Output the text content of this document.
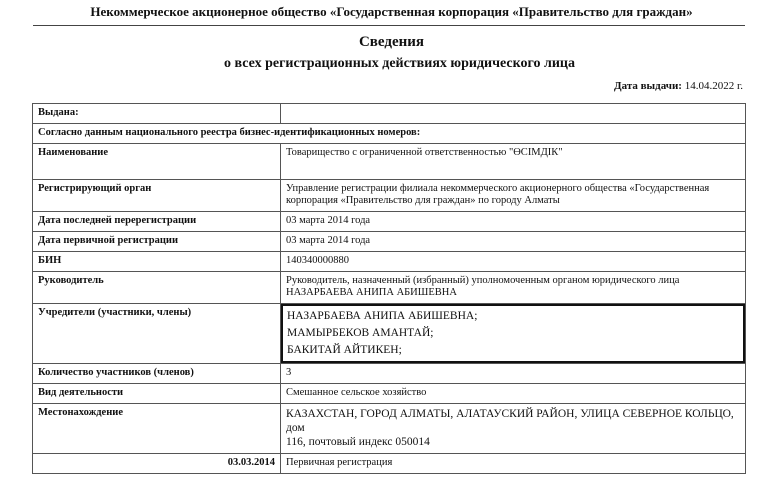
Некоммерческое акционерное общество «Государственная корпорация «Правительство для граждан»
Сведения
о всех регистрационных действиях юридического лица
Дата выдачи: 14.04.2022 г.
Выдана:	
Согласно данным национального реестра бизнес-идентификационных номеров:	
Наименование	Товарищество с ограниченной ответственностью "ӨСІМДІК"
Регистрирующий орган	Управление регистрации филиала некоммерческого акционерного общества «Государственная корпорация «Правительство для граждан» по городу Алматы
Дата последней перерегистрации	03 марта 2014 года
Дата первичной регистрации	03 марта 2014 года
БИН	140340000880
Руководитель	Руководитель, назначенный (избранный) уполномоченным органом юридического лица
НАЗАРБАЕВА АНИПА АБИШЕВНА

Учредители (участники, члены)	НАЗАРБАЕВА АНИПА АБИШЕВНА;
МАМЫРБЕКОВ АМАНТАЙ;
БАКИТАЙ АЙТИКЕН;

Количество участников (членов)	3
Вид деятельности	Смешанное сельское хозяйство
Местонахождение	КАЗАХСТАН, ГОРОД АЛМАТЫ, АЛАТАУСКИЙ РАЙОН, УЛИЦА СЕВЕРНОЕ КОЛЬЦО, дом
116, почтовый индекс 050014

03.03.2014	Первичная регистрация
